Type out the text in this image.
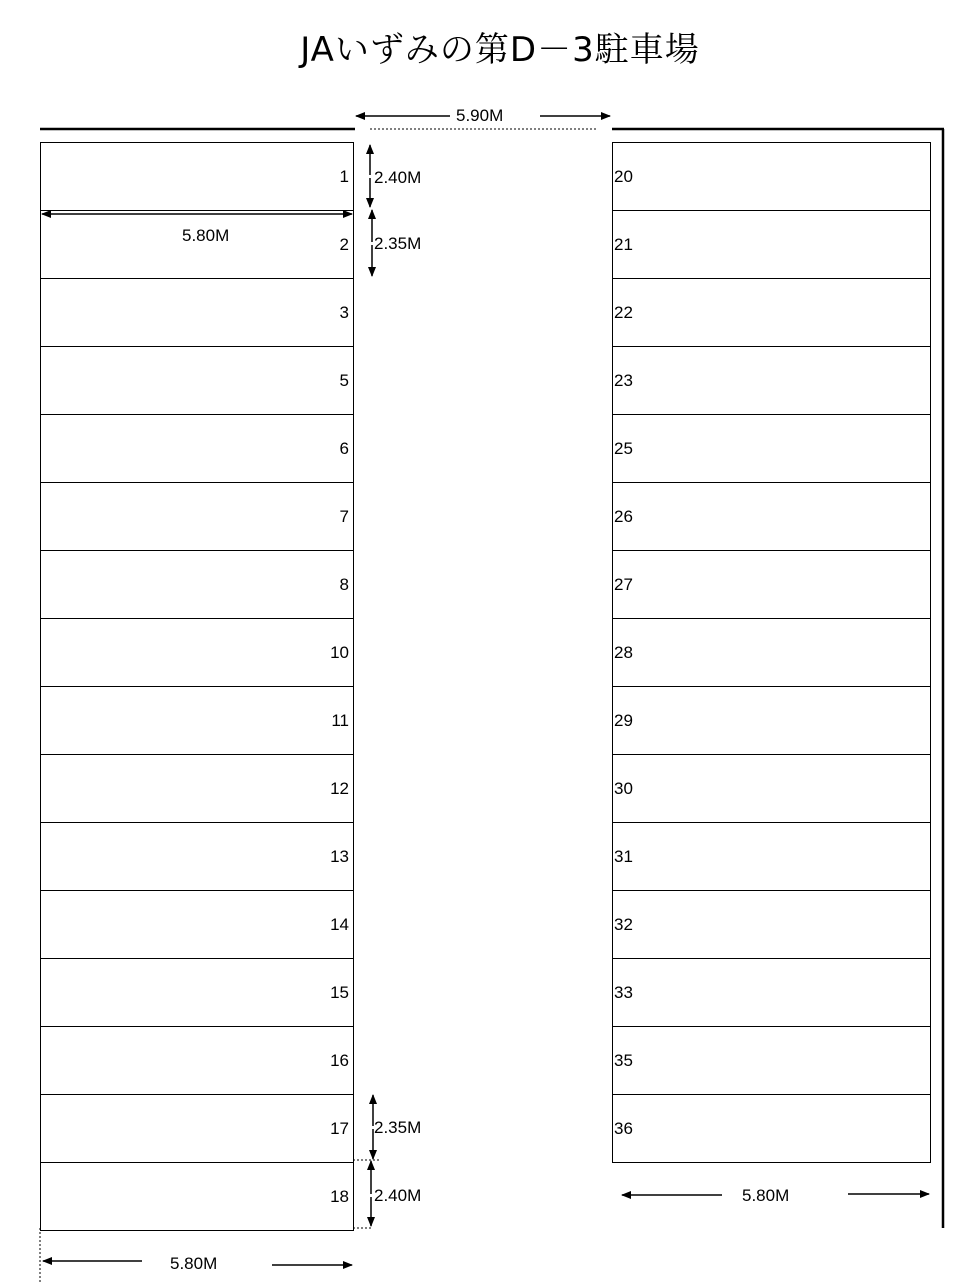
JAいずみの第D－3駐車場
1
2
3
5
6
7
8
10
11
12
13
14
15
16
17
18
20
21
22
23
25
26
27
28
29
30
31
32
33
35
36
5.90M
2.40M
2.35M
5.80M
2.35M
2.40M
5.80M
5.80M
